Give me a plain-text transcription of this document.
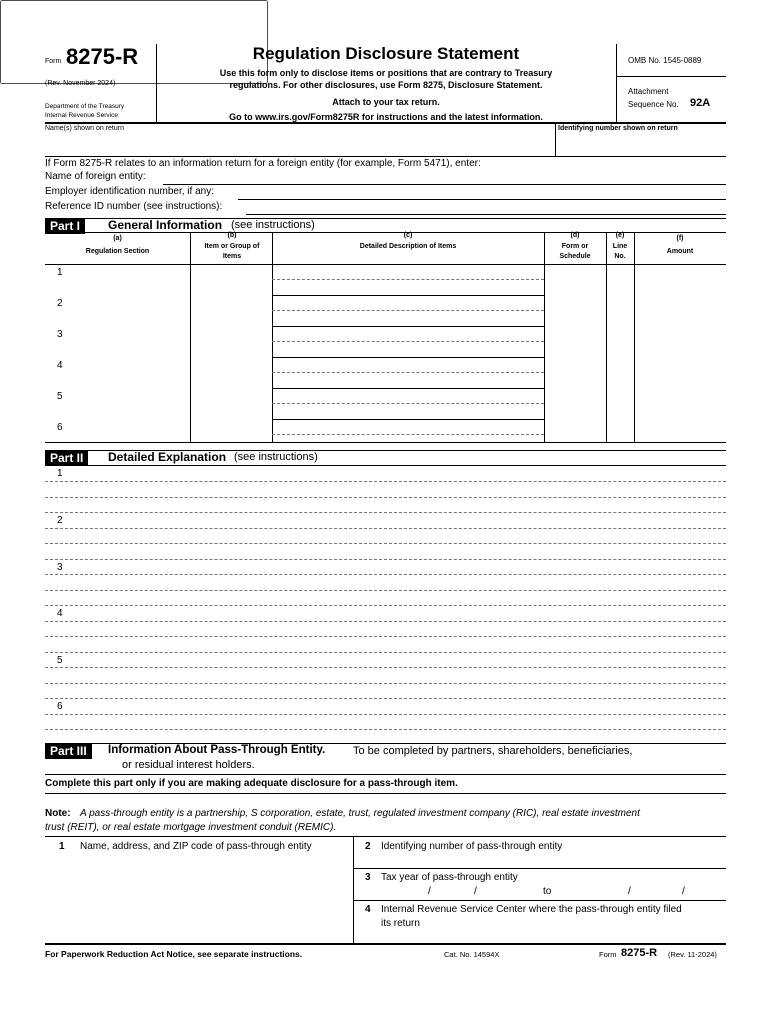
Form 8275-R
(Rev. November 2024)
Department of the Treasury
Internal Revenue Service
Regulation Disclosure Statement
Use this form only to disclose items or positions that are contrary to Treasury
regulations. For other disclosures, use Form 8275, Disclosure Statement.
Attach to your tax return.
Go to www.irs.gov/Form8275R for instructions and the latest information.
OMB No. 1545-0889
Attachment
Sequence No. 92A
Name(s) shown on return	Identifying number shown on return
If Form 8275-R relates to an information return for a foreign entity (for example, Form 5471), enter:
Name of foreign entity:
Employer identification number, if any:
Reference ID number (see instructions):
Part I	General Information (see instructions)
(a)
Regulation Section
(b)
Item or Group of Items
(c)
Detailed Description of Items
(d)
Form or Schedule
(e)
Line No.
(f)
Amount
1
2
3
4
5
6
Part II	Detailed Explanation (see instructions)
1
2
3
4
5
6
Part III	Information About Pass-Through Entity.	To be completed by partners, shareholders, beneficiaries,
or residual interest holders.
Complete this part only if you are making adequate disclosure for a pass-through item.
Note: A pass-through entity is a partnership, S corporation, estate, trust, regulated investment company (RIC), real estate investment
trust (REIT), or real estate mortgage investment conduit (REMIC).
1 Name, address, and ZIP code of pass-through entity	2 Identifying number of pass-through entity
3 Tax year of pass-through entity
/	/	to	/	/
4 Internal Revenue Service Center where the pass-through entity filed
its return
For Paperwork Reduction Act Notice, see separate instructions.	Cat. No. 14594X	Form 8275-R (Rev. 11-2024)
